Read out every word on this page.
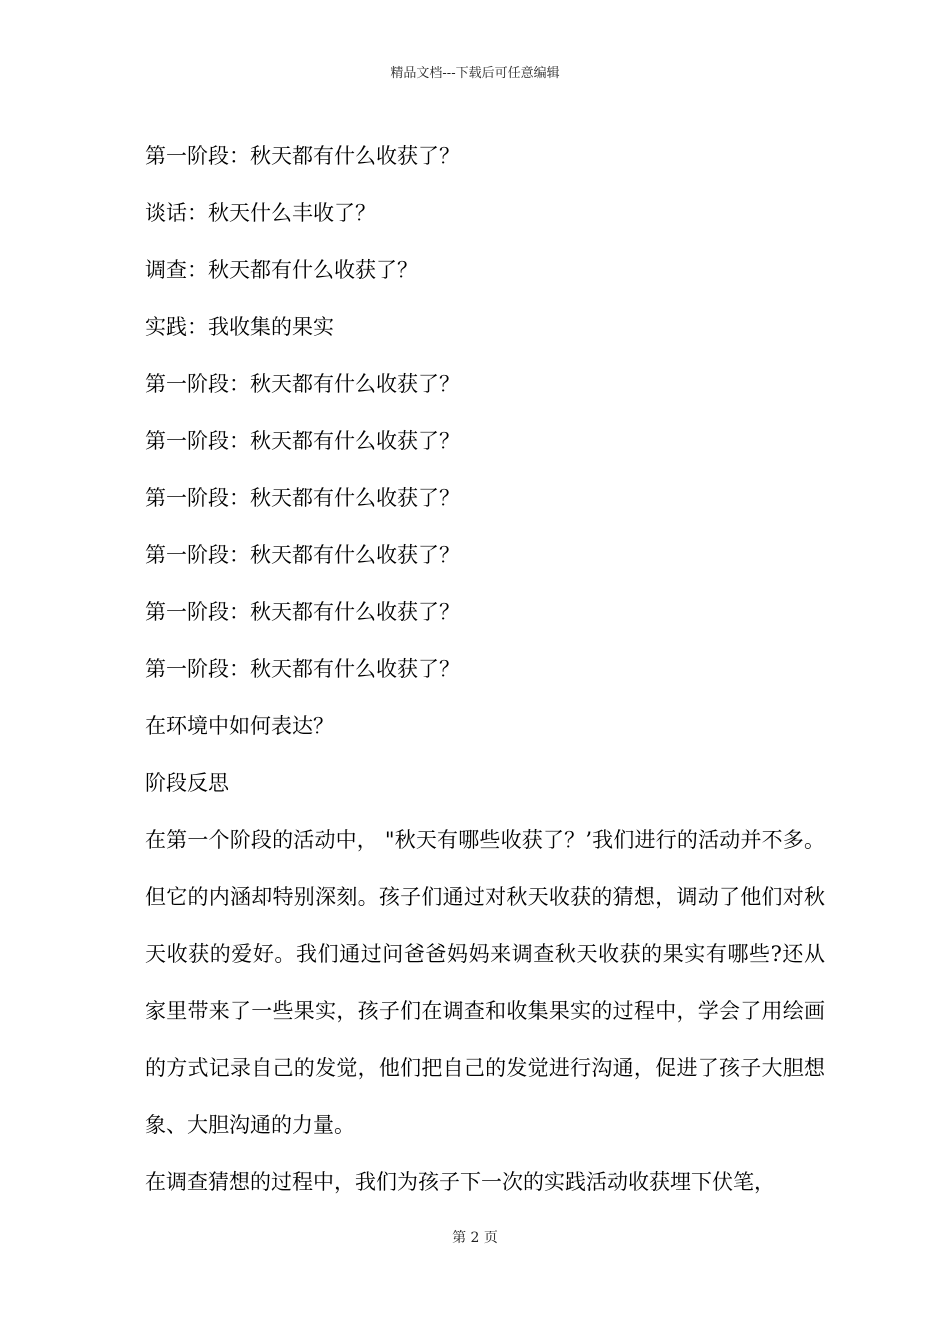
精品文档---下载后可任意编辑
第一阶段：秋天都有什么收获了？
谈话：秋天什么丰收了？
调查：秋天都有什么收获了？
实践：我收集的果实
第一阶段：秋天都有什么收获了？
第一阶段：秋天都有什么收获了？
第一阶段：秋天都有什么收获了？
第一阶段：秋天都有什么收获了？
第一阶段：秋天都有什么收获了？
第一阶段：秋天都有什么收获了？
在环境中如何表达？
阶段反思
在第一个阶段的活动中， "秋天有哪些收获了？’我们进行的活动并不多。但它的内涵却特别深刻。孩子们通过对秋天收获的猜想，调动了他们对秋天收获的爱好。我们通过问爸爸妈妈来调查秋天收获的果实有哪些?还从家里带来了一些果实，孩子们在调查和收集果实的过程中，学会了用绘画的方式记录自己的发觉，他们把自己的发觉进行沟通，促进了孩子大胆想象、大胆沟通的力量。
在调查猜想的过程中，我们为孩子下一次的实践活动收获埋下伏笔，
第 2 页
